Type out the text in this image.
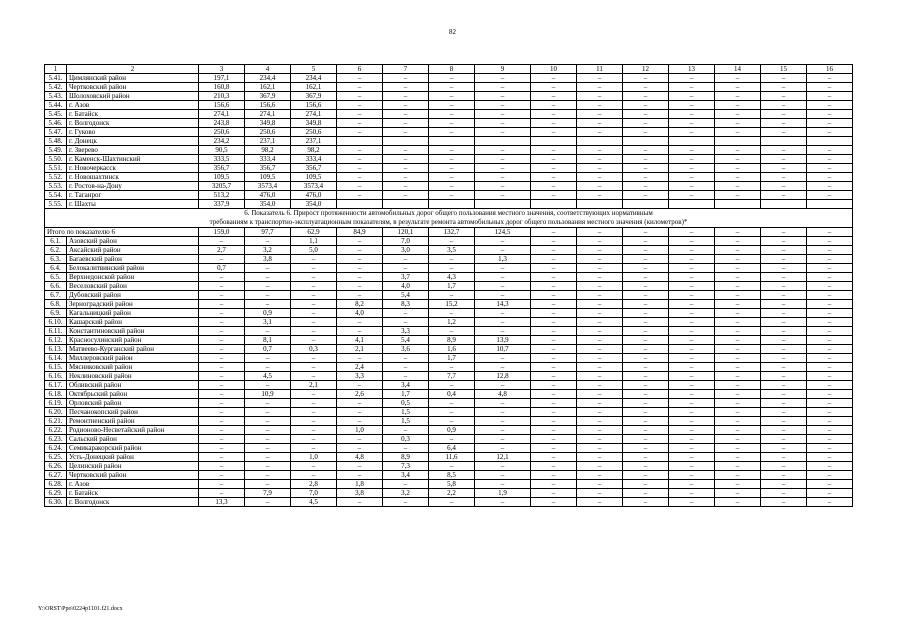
82
1	2	3	4	5	6	7	8	9	10	11	12	13	14	15	16
5.41.	Цимлянский район	197,1	234,4	234,4	–	–	–	–	–	–	–	–	–	–	–
5.42.	Чертковский район	160,8	162,1	162,1	–	–	–	–	–	–	–	–	–	–	–
5.43.	Шолоховский район	210,3	367,9	367,9	–	–	–	–	–	–	–	–	–	–	–
5.44.	г. Азов	156,6	156,6	156,6	–	–	–	–	–	–	–	–	–	–	–
5.45.	г. Батайск	274,1	274,1	274,1	–	–	–	–	–	–	–	–	–	–	–
5.46.	г. Волгодонск	243,8	349,8	349,8	–	–	–	–	–	–	–	–	–	–	–
5.47.	г. Гуково	250,6	250,6	250,6	–	–	–	–	–	–	–	–	–	–	–
5.48.	г. Донецк	234,2	237,1	237,1											
5.49.	г. Зверево	90,5	98,2	98,2	–	–	–	–	–	–	–	–	–	–	–
5.50.	г. Каменск-Шахтинский	333,5	333,4	333,4	–	–	–	–	–	–	–	–	–	–	–
5.51.	г. Новочеркасск	356,7	356,7	356,7	–	–	–	–	–	–	–	–	–	–	–
5.52.	г. Новошахтинск	109,5	109,5	109,5	–	–	–	–	–	–	–	–	–	–	–
5.53.	г. Ростов-на-Дону	3205,7	3573,4	3573,4	–	–	–	–	–	–	–	–	–	–	–
5.54.	г. Таганрог	513,2	476,0	476,0	–	–	–	–	–	–	–	–	–	–	–
5.55.	г. Шахты	337,9	354,0	354,0											

6. Показатель 6. Прирост протяженности автомобильных дорог общего пользования местного значения, соответствующих нормативным
требованиям к транспортно-эксплуатационным показателям, в результате ремонта автомобильных дорог общего пользования местного значения (километров)*															

Итого по показателю 6		159,0	97,7	62,9	84,9	120,1	132,7	124,5	–	–	–	–	–	–	–
6.1.	Азовский район	–	–	1,1	–	7,0	–	–	–	–	–	–	–	–	–
6.2.	Аксайский район	2,7	3,2	5,0	–	3,0	3,5	–	–	–	–	–	–	–	–
6.3.	Багаевский район	–	3,8	–	–	–	–	1,3	–	–	–	–	–	–	–
6.4.	Белокалитвинский район	0,7	–	–	–	–	–	–	–	–	–	–	–	–	–
6.5.	Верхнедонской район	–	–	–	–	3,7	4,3	–	–	–	–	–	–	–	–
6.6.	Веселовский район	–	–	–	–	4,0	1,7	–	–	–	–	–	–	–	–
6.7.	Дубовский район	–	–	–	–	5,4	–	–	–	–	–	–	–	–	–
6.8.	Зерноградский район	–	–	–	8,2	8,3	15,2	14,3	–	–	–	–	–	–	–
6.9.	Кагальницкий район	–	0,9	–	4,0	–	–	–	–	–	–	–	–	–	–
6.10.	Кашарский район	–	3,1	–	–	–	1,2	–	–	–	–	–	–	–	–
6.11.	Константиновский район	–	–	–	–	3,3	–	–	–	–	–	–	–	–	–
6.12.	Красносулинский район	–	8,1	–	4,1	5,4	8,9	13,9	–	–	–	–	–	–	–
6.13.	Матвеево-Курганский район	–	0,7	0,3	2,1	3,6	1,6	10,7	–	–	–	–	–	–	–
6.14.	Миллеровский район	–	–	–	–	–	1,7	–	–	–	–	–	–	–	–
6.15.	Мясниковский район	–	–	–	2,4	–	–	–	–	–	–	–	–	–	–
6.16.	Неклиновский район	–	4,5	–	3,3	–	7,7	12,8	–	–	–	–	–	–	–
6.17.	Обливский район	–	–	2,1	–	3,4	–	–	–	–	–	–	–	–	–
6.18.	Октябрьский район	–	10,9	–	2,6	1,7	0,4	4,8	–	–	–	–	–	–	–
6.19.	Орловский район	–	–	–	–	0,5	–	–	–	–	–	–	–	–	–
6.20.	Песчанокопский район	–	–	–	–	1,5	–	–	–	–	–	–	–	–	–
6.21.	Ремонтненский район	–	–	–	–	1,5	–	–	–	–	–	–	–	–	–
6.22.	Родионово-Несветайский район	–	–	–	1,0	–	0,9	–	–	–	–	–	–	–	–
6.23.	Сальский район	–	–	–	–	0,3	–	–	–	–	–	–	–	–	–
6.24.	Семикаракорский район	–	–	–	–	–	6,4	–	–	–	–	–	–	–	–
6.25.	Усть-Донецкий район	–	–	1,0	4,8	8,9	11,6	12,1	–	–	–	–	–	–	–
6.26.	Целинский район	–	–	–	–	7,3	–	–	–	–	–	–	–	–	–
6.27.	Чертковский район	–	–	–	–	3,4	8,5	–	–	–	–	–	–	–	–
6.28.	г. Азов	–	–	2,8	1,8	–	5,8	–	–	–	–	–	–	–	–
6.29.	г. Батайск	–	7,9	7,0	3,8	3,2	2,2	1,9	–	–	–	–	–	–	–
6.30.	г. Волгодонск	13,3	–	4,5	–	–	–	–	–	–	–	–	–	–	–
Y:\ORST\Ppo\0224p1101.f21.docx
